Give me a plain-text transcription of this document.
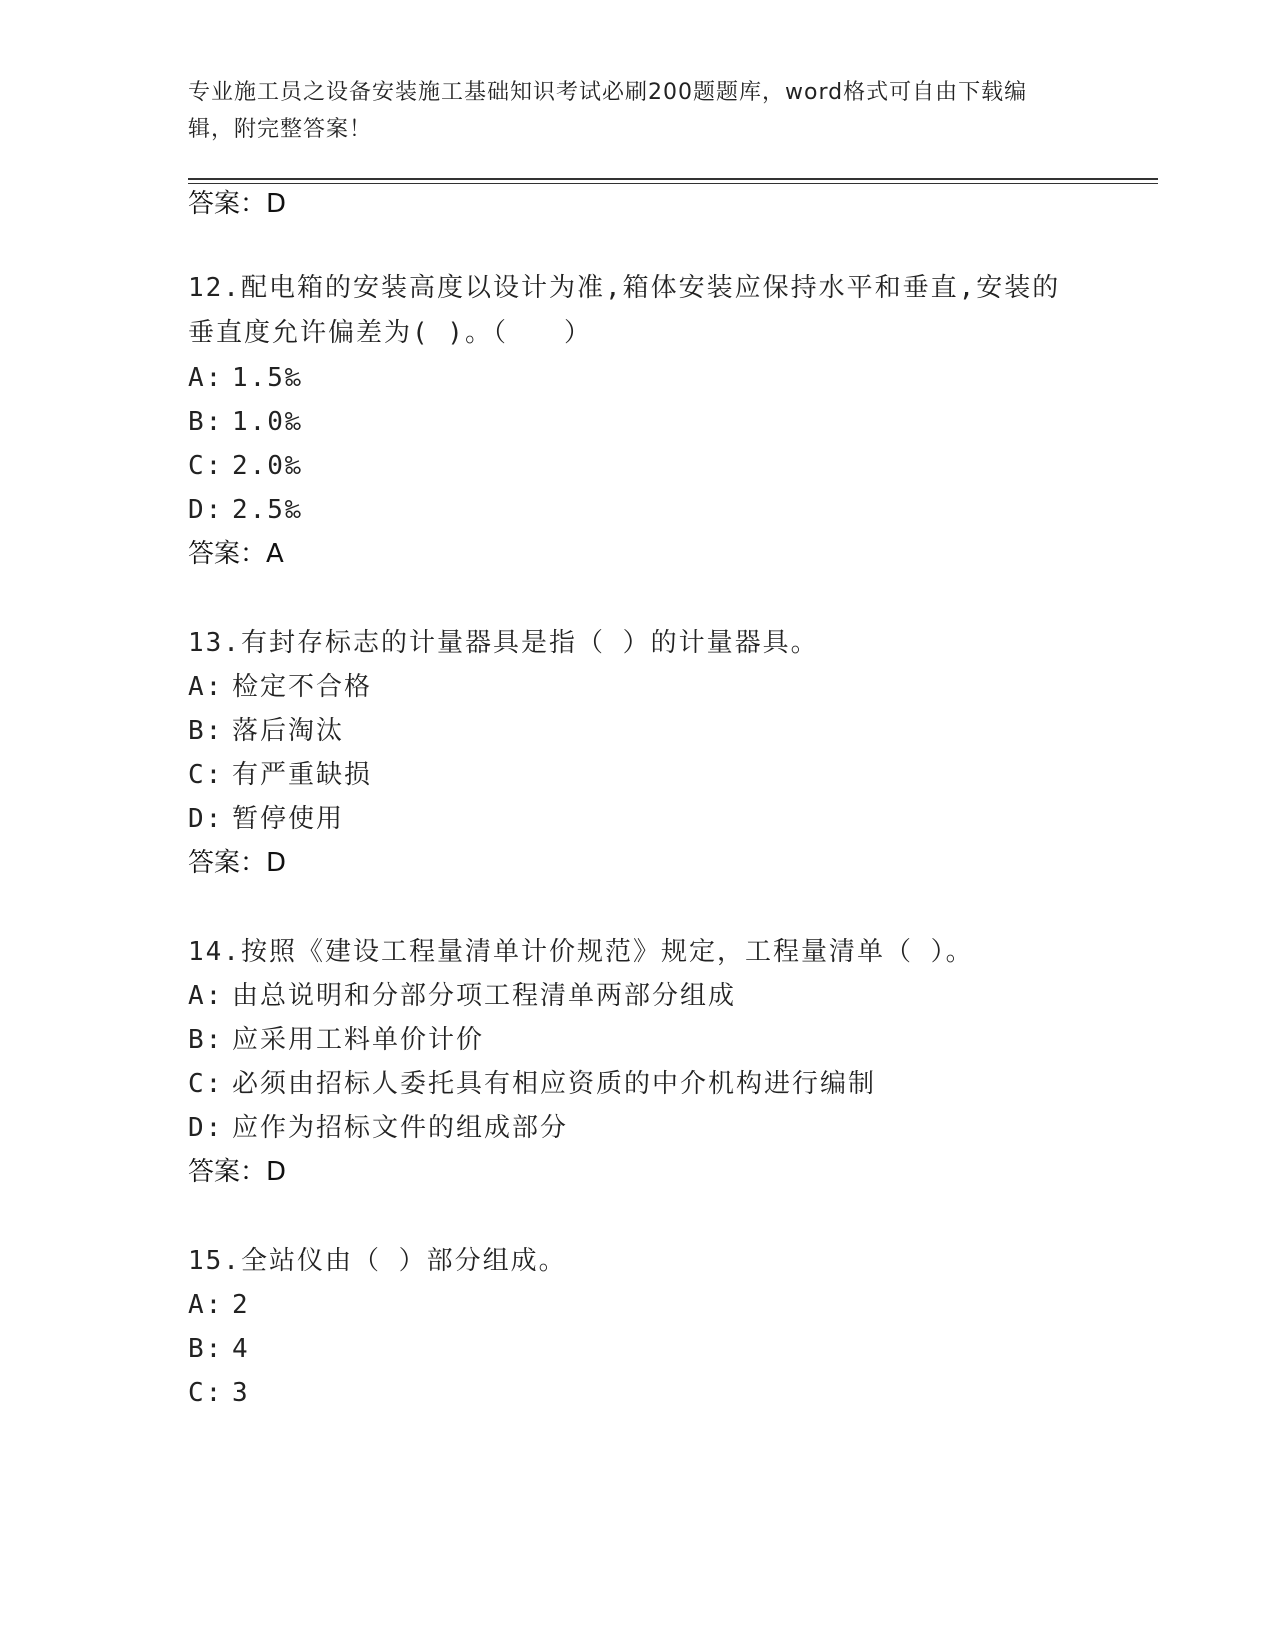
专业施工员之设备安装施工基础知识考试必刷200题题库，word格式可自由下载编辑，附完整答案！
答案：D
12.配电箱的安装高度以设计为准,箱体安装应保持水平和垂直,安装的垂直度允许偏差为( )。（　　）
A: 1.5‰
B: 1.0‰
C: 2.0‰
D: 2.5‰
答案：A
13.有封存标志的计量器具是指（ ）的计量器具。
A: 检定不合格
B: 落后淘汰
C: 有严重缺损
D: 暂停使用
答案：D
14.按照《建设工程量清单计价规范》规定，工程量清单（ ）。
A: 由总说明和分部分项工程清单两部分组成
B: 应采用工料单价计价
C: 必须由招标人委托具有相应资质的中介机构进行编制
D: 应作为招标文件的组成部分
答案：D
15.全站仪由（ ）部分组成。
A: 2
B: 4
C: 3
